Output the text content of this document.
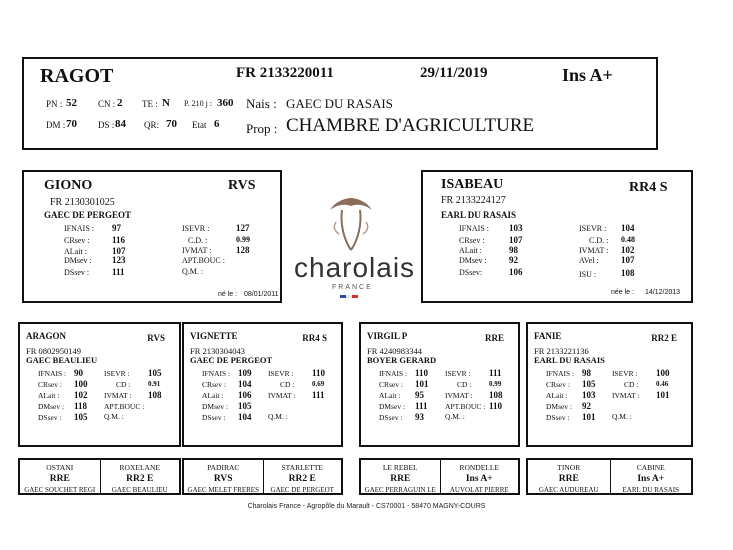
RAGOT	FR 2133220011	29/11/2019	Ins A+
PN : 52 CN : 2 TE : N P. 210 j : 360 Nais : GAEC DU RASAIS
DM : 70 DS : 84 QR: 70 Etat 6 Prop : CHAMBRE D'AGRICULTURE
GIONO	RVS
FR 2130301025
GAEC DE PERGEOT
IFNAIS : 97
CRsev : 116
ALait :	107
DMsev : 123
DSsev :	111
ISEVR :	127
C.D. :	0.99
IVMAT :	128
APT.BOUC :
Q.M. :
né le : 08/01/2011
charolais
FRANCE
ISABEAU	RR4 S
FR 2133224127
EARL DU RASAIS
IFNAIS : 103
CRsev :	107
ALait :	98
DMsev : 92
DSsev:	106
ISEVR : 104
C.D. : 0.48
IVMAT : 102
AVel : 107
ISU :	108
née le : 14/12/2013
ARAGON	RVS
FR 0802950149
GAEC BEAULIEU
IFNAIS : 90
CRsev : 100
ALait : 102
DMsev : 118
DSsev : 105
ISEVR : 105
CD :	0.91
IVMAT : 108
APT.BOUC :
Q.M. :
VIGNETTE	RR4 S
FR 2130304043
GAEC DE PERGEOT
IFNAIS : 109
CRsev : 104
ALait : 106
DMsev : 105
DSsev : 104
ISEVR : 110
CD :	0.69
IVMAT : 111
Q.M. :
VIRGIL P	RRE
FR 4240983344
BOYER GERARD
IFNAIS : 110
CRsev : 101
ALait : 95
DMsev : 111
DSsev : 93
ISEVR : 111
CD :	0.99
IVMAT : 108
APT.BOUC : 110
Q.M. :
FANIE	RR2 E
FR 2133221136
EARL DU RASAIS
IFNAIS : 98
CRsev : 105
ALait : 103
DMsev : 92
DSsev : 101
ISEVR : 100
CD :	0.46
IVMAT : 101
Q.M. :
OSTANI
RRE
GAEC SOUCHET REGI
ROXELANE
RR2 E
GAEC BEAULIEU
PADIRAC
RVS
GAEC MELET FRERES
STARLETTE
RR2 E
GAEC DE PERGEOT
LE REBEL
RRE
GAEC PERRAGUIN LE
RONDELLE
Ins A+
AUVOLAT PIERRE
TINOR
RRE
GAEC AUDUREAU
CABINE
Ins A+
EARL DU RASAIS
Charolais France - Agropôle du Marault - CS70001 - 58470 MAGNY-COURS
